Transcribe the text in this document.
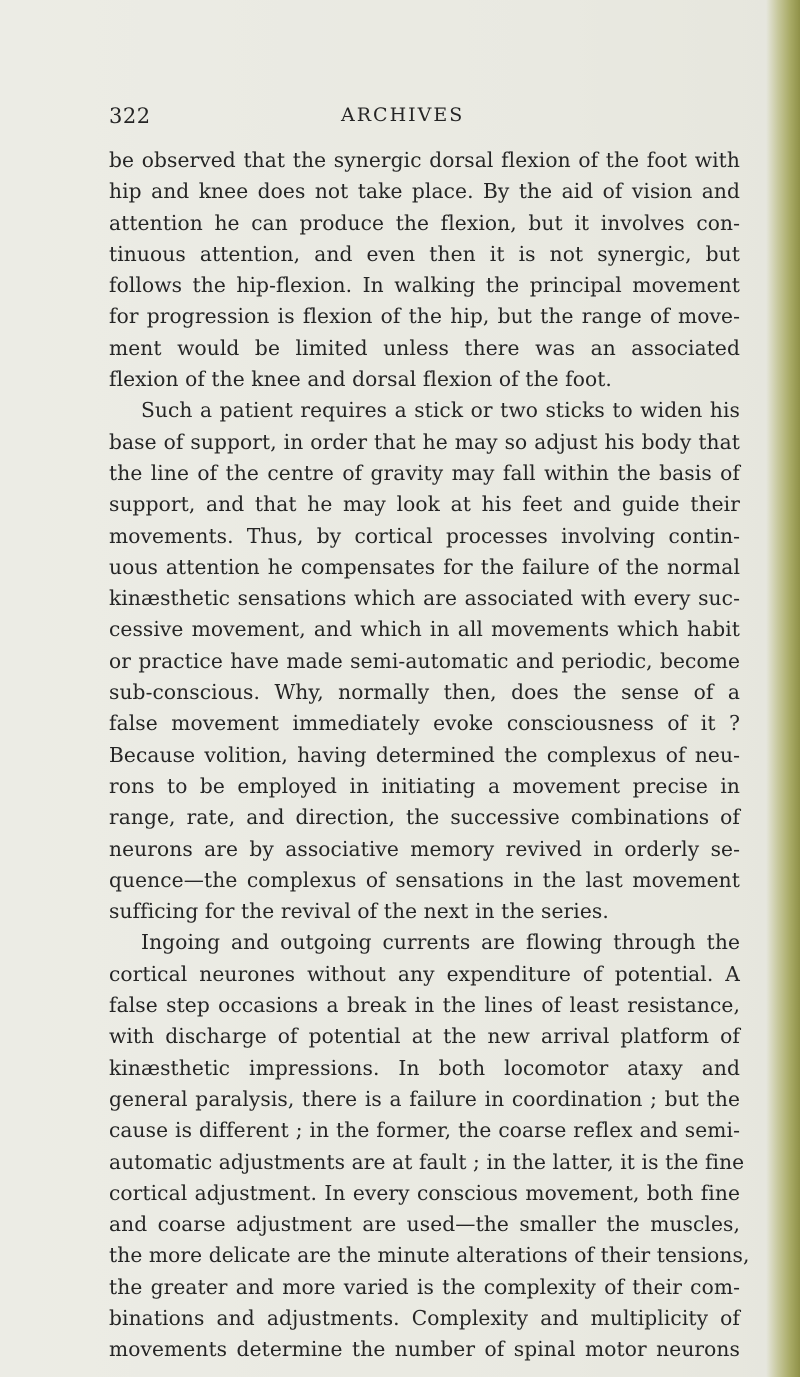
322	ARCHIVES
be observed that the synergic dorsal flexion of the foot with
hip and knee does not take place. By the aid of vision and
attention he can produce the flexion, but it involves con-
tinuous attention, and even then it is not synergic, but
follows the hip-flexion. In walking the principal movement
for progression is flexion of the hip, but the range of move-
ment would be limited unless there was an associated
flexion of the knee and dorsal flexion of the foot.
Such a patient requires a stick or two sticks to widen his
base of support, in order that he may so adjust his body that
the line of the centre of gravity may fall within the basis of
support, and that he may look at his feet and guide their
movements. Thus, by cortical processes involving contin-
uous attention he compensates for the failure of the normal
kinæsthetic sensations which are associated with every suc-
cessive movement, and which in all movements which habit
or practice have made semi-automatic and periodic, become
sub-conscious. Why, normally then, does the sense of a
false movement immediately evoke consciousness of it ?
Because volition, having determined the complexus of neu-
rons to be employed in initiating a movement precise in
range, rate, and direction, the successive combinations of
neurons are by associative memory revived in orderly se-
quence—the complexus of sensations in the last movement
sufficing for the revival of the next in the series.
Ingoing and outgoing currents are flowing through the
cortical neurones without any expenditure of potential. A
false step occasions a break in the lines of least resistance,
with discharge of potential at the new arrival platform of
kinæsthetic impressions. In both locomotor ataxy and
general paralysis, there is a failure in coordination ; but the
cause is different ; in the former, the coarse reflex and semi-
automatic adjustments are at fault ; in the latter, it is the fine
cortical adjustment. In every conscious movement, both fine
and coarse adjustment are used—the smaller the muscles,
the more delicate are the minute alterations of their tensions,
the greater and more varied is the complexity of their com-
binations and adjustments. Complexity and multiplicity of
movements determine the number of spinal motor neurons
